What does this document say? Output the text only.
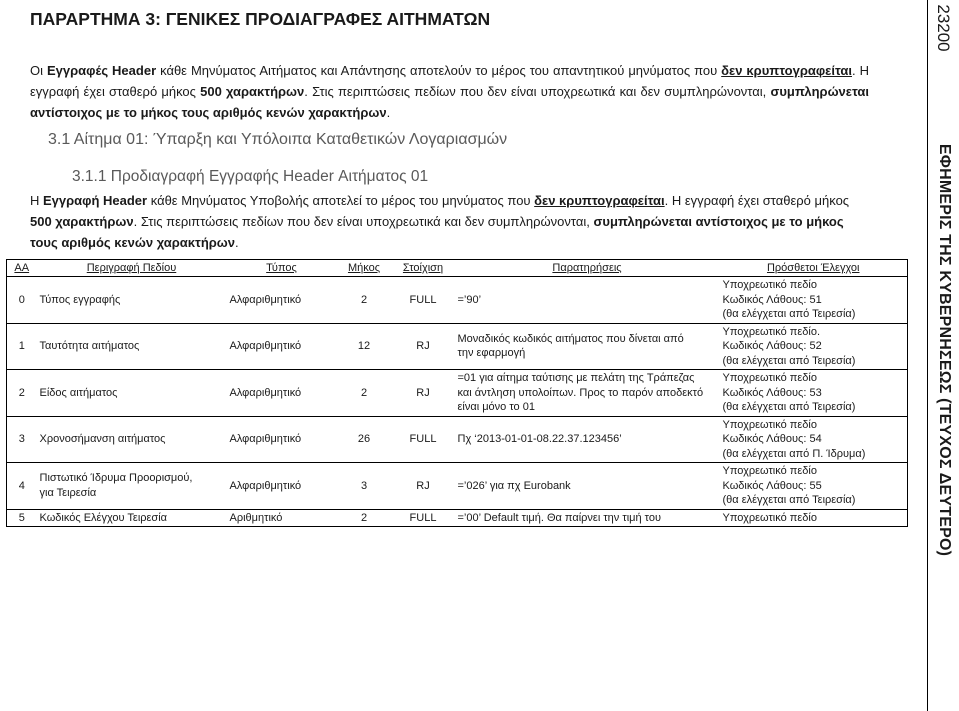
23200
ΕΦΗΜΕΡΙΣ ΤΗΣ ΚΥΒΕΡΝΗΣΕΩΣ (ΤΕΥΧΟΣ ΔΕΥΤΕΡΟ)
ΠΑΡΑΡΤΗΜΑ 3: ΓΕΝΙΚΕΣ ΠΡΟΔΙΑΓΡΑΦΕΣ ΑΙΤΗΜΑΤΩΝ

Οι Εγγραφές Header κάθε Μηνύματος Αιτήματος και Απάντησης αποτελούν το μέρος του απαντητικού μηνύματος που δεν κρυπτογραφείται. Η εγγραφή έχει σταθερό μήκος 500 χαρακτήρων. Στις περιπτώσεις πεδίων που δεν είναι υποχρεωτικά και δεν συμπληρώνονται, συμπληρώνεται αντίστοιχος με το μήκος τους αριθμός κενών χαρακτήρων.

3.1 Αίτημα 01: Ύπαρξη και Υπόλοιπα Καταθετικών Λογαριασμών
3.1.1 Προδιαγραφή Εγγραφής Header Αιτήματος 01

Η Εγγραφή Header κάθε Μηνύματος Υποβολής αποτελεί το μέρος του μηνύματος που δεν κρυπτογραφείται. Η εγγραφή έχει σταθερό μήκος 500 χαρακτήρων. Στις περιπτώσεις πεδίων που δεν είναι υποχρεωτικά και δεν συμπληρώνονται, συμπληρώνεται αντίστοιχος με το μήκος τους αριθμός κενών χαρακτήρων.

ΑΑ	Περιγραφή Πεδίου	Τύπος	Μήκος	Στοίχιση	Παρατηρήσεις	Πρόσθετοι Έλεγχοι
0	Τύπος εγγραφής	Αλφαριθμητικό	2	FULL	=’90’	Υποχρεωτικό πεδίο
Κωδικός Λάθους: 51
(θα ελέγχεται από Τειρεσία)
1	Ταυτότητα αιτήματος	Αλφαριθμητικό	12	RJ	Μοναδικός κωδικός αιτήματος που δίνεται από
την εφαρμογή	Υποχρεωτικό πεδίο.
Κωδικός Λάθους: 52
(θα ελέγχεται από Τειρεσία)
2	Είδος αιτήματος	Αλφαριθμητικό	2	RJ	=01 για αίτημα ταύτισης με πελάτη της Τράπεζας
και άντληση υπολοίπων. Προς το παρόν αποδεκτό
είναι μόνο το 01	Υποχρεωτικό πεδίο
Κωδικός Λάθους: 53
(θα ελέγχεται από Τειρεσία)
3	Χρονοσήμανση αιτήματος	Αλφαριθμητικό	26	FULL	Πχ ‘2013-01-01-08.22.37.123456’	Υποχρεωτικό πεδίο
Κωδικός Λάθους: 54
(θα ελέγχεται από Π. Ίδρυμα)
4	Πιστωτικό Ίδρυμα Προορισμού,
για Τειρεσία	Αλφαριθμητικό	3	RJ	=’026’ για πχ Eurobank	Υποχρεωτικό πεδίο
Κωδικός Λάθους: 55
(θα ελέγχεται από Τειρεσία)
5	Κωδικός Ελέγχου Τειρεσία	Αριθμητικό	2	FULL	=’00’ Default τιμή. Θα παίρνει την τιμή του	Υποχρεωτικό πεδίο
